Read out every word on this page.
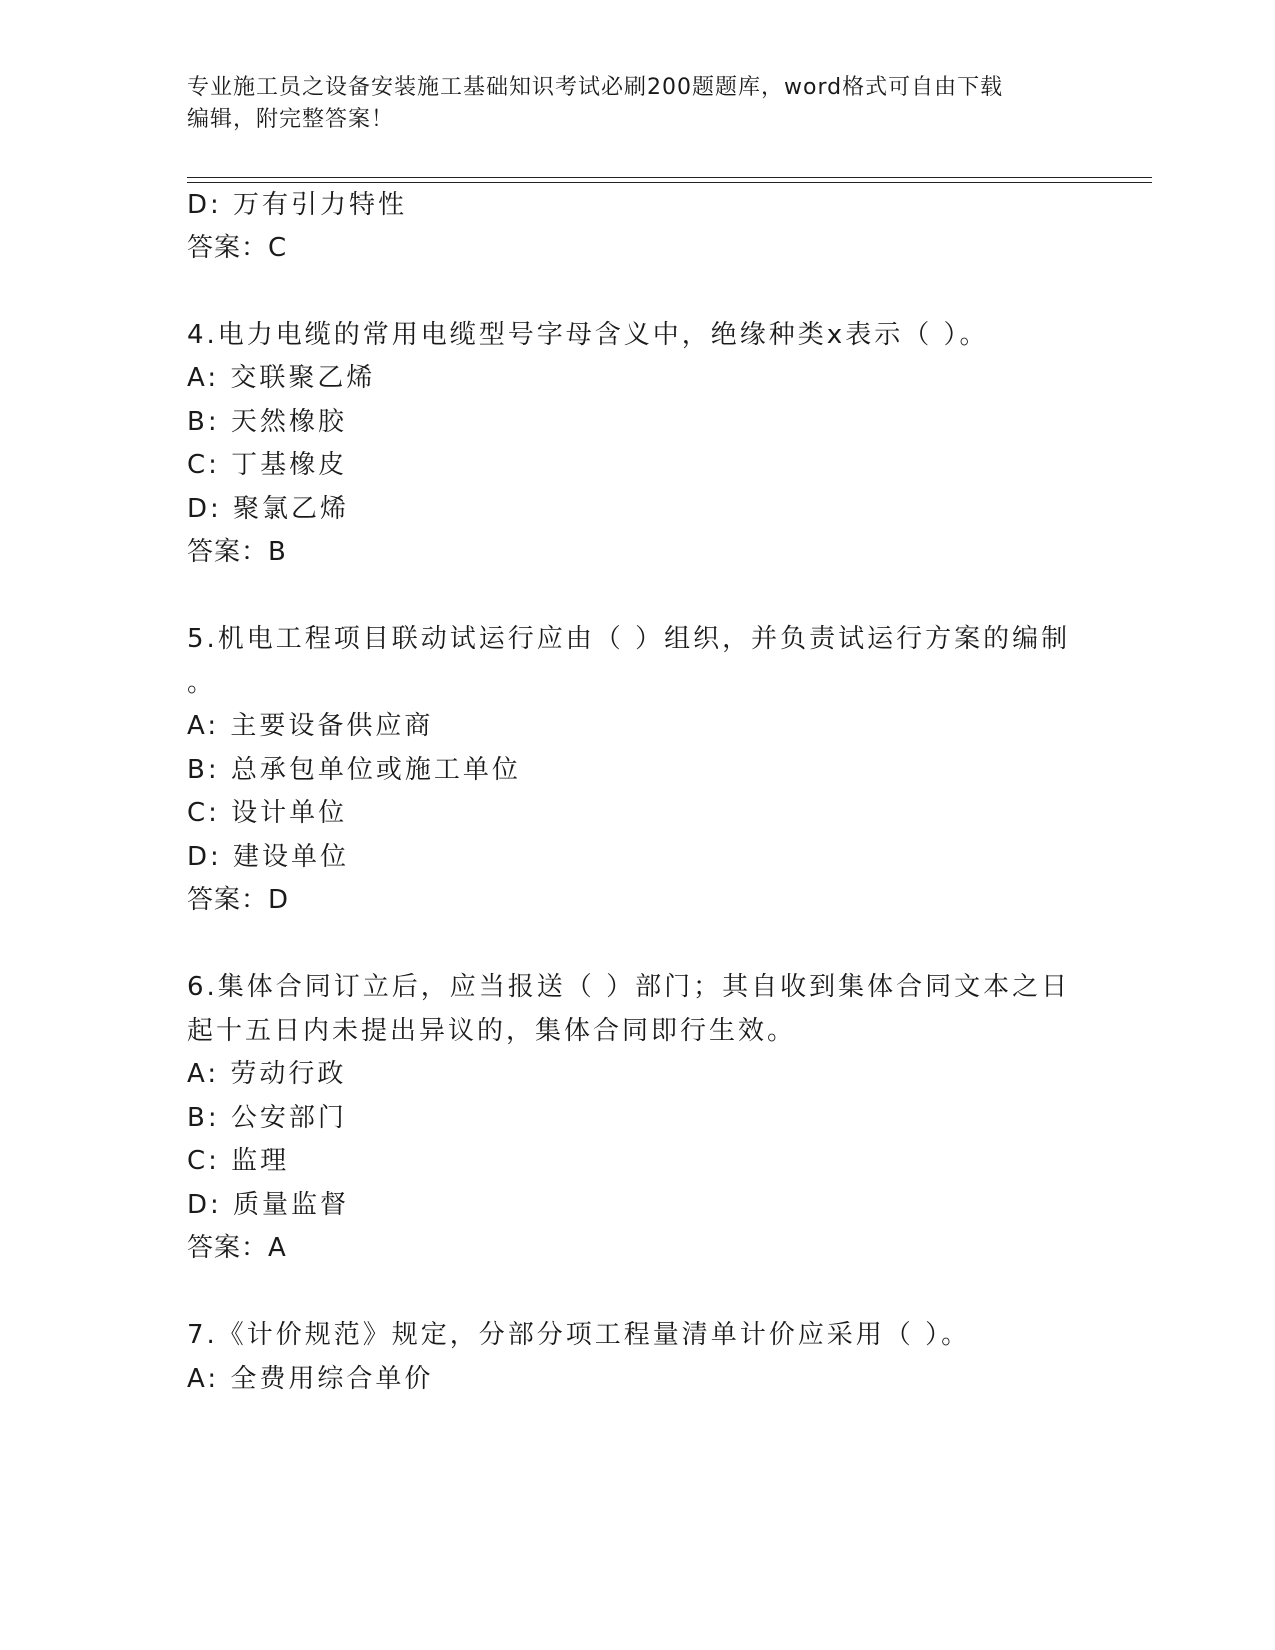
专业施工员之设备安装施工基础知识考试必刷200题题库，word格式可自由下载
编辑，附完整答案！
D: 万有引力特性
答案：C
4.电力电缆的常用电缆型号字母含义中，绝缘种类x表示（ ）。
A: 交联聚乙烯
B: 天然橡胶
C: 丁基橡皮
D: 聚氯乙烯
答案：B
5.机电工程项目联动试运行应由（ ）组织，并负责试运行方案的编制
。
A: 主要设备供应商
B: 总承包单位或施工单位
C: 设计单位
D: 建设单位
答案：D
6.集体合同订立后，应当报送（ ）部门；其自收到集体合同文本之日
起十五日内未提出异议的，集体合同即行生效。
A: 劳动行政
B: 公安部门
C: 监理
D: 质量监督
答案：A
7.《计价规范》规定，分部分项工程量清单计价应采用（ ）。
A: 全费用综合单价
